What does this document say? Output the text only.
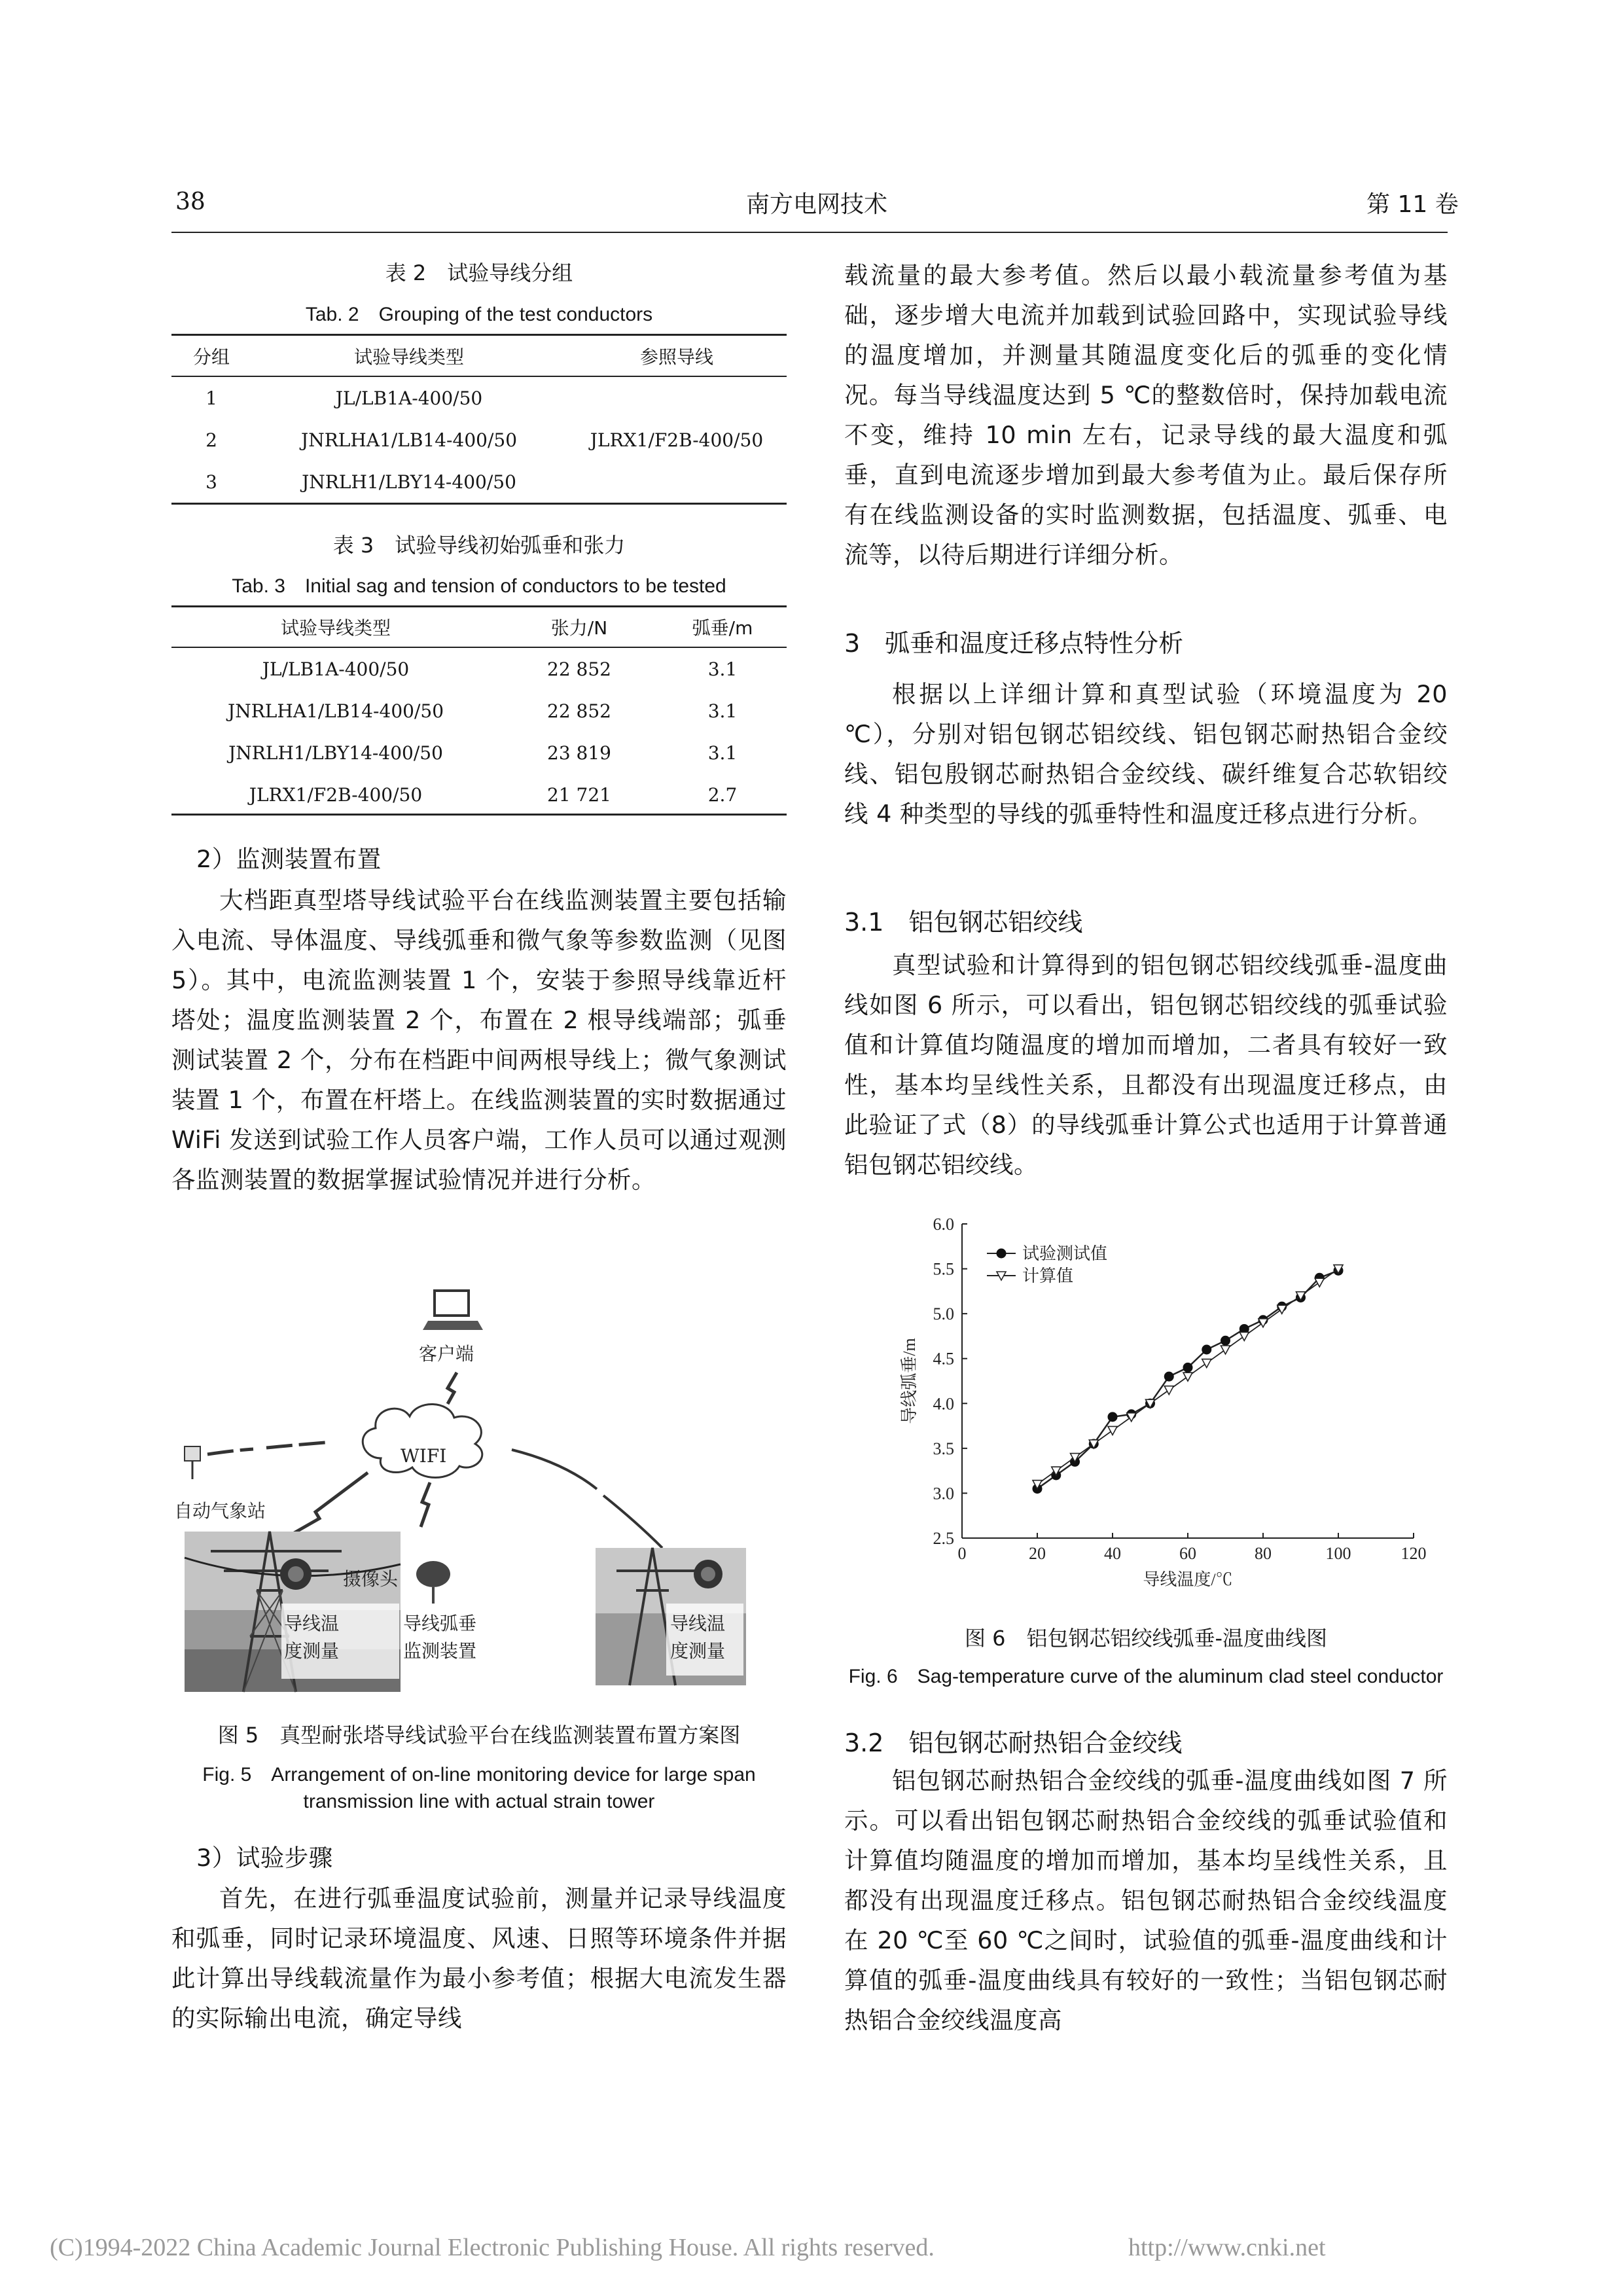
38	南方电网技术	第 11 卷
表 2　试验导线分组
Tab. 2　Grouping of the test conductors
分组	试验导线类型	参照导线

1	JL/LB1A-400/50	
2	JNRLHA1/LB14-400/50	JLRX1/F2B-400/50
3	JNRLH1/LBY14-400/50	
表 3　试验导线初始弧垂和张力
Tab. 3　Initial sag and tension of conductors to be tested
试验导线类型	张力/N	弧垂/m

JL/LB1A-400/50	22 852	3.1
JNRLHA1/LB14-400/50	22 852	3.1
JNRLH1/LBY14-400/50	23 819	3.1
JLRX1/F2B-400/50	21 721	2.7
2）监测装置布置
大档距真型塔导线试验平台在线监测装置主要包括输入电流、导体温度、导线弧垂和微气象等参数监测（见图 5）。其中，电流监测装置 1 个，安装于参照导线靠近杆塔处；温度监测装置 2 个，布置在 2 根导线端部；弧垂测试装置 2 个，分布在档距中间两根导线上；微气象测试装置 1 个，布置在杆塔上。在线监测装置的实时数据通过 WiFi 发送到试验工作人员客户端，工作人员可以通过观测各监测装置的数据掌握试验情况并进行分析。
客户端
WIFI
自动气象站
导线温
度测量
摄像头
导线弧垂
监测装置
导线温
度测量
图 5　真型耐张塔导线试验平台在线监测装置布置方案图
Fig. 5　Arrangement of on-line monitoring device for large span
transmission line with actual strain tower
3）试验步骤
首先，在进行弧垂温度试验前，测量并记录导线温度和弧垂，同时记录环境温度、风速、日照等环境条件并据此计算出导线载流量作为最小参考值；根据大电流发生器的实际输出电流，确定导线
载流量的最大参考值。然后以最小载流量参考值为基础，逐步增大电流并加载到试验回路中，实现试验导线的温度增加，并测量其随温度变化后的弧垂的变化情况。每当导线温度达到 5 ℃的整数倍时，保持加载电流不变，维持 10 min 左右，记录导线的最大温度和弧垂，直到电流逐步增加到最大参考值为止。最后保存所有在线监测设备的实时监测数据，包括温度、弧垂、电流等，以待后期进行详细分析。
3　弧垂和温度迁移点特性分析
根据以上详细计算和真型试验（环境温度为 20 ℃），分别对铝包钢芯铝绞线、铝包钢芯耐热铝合金绞线、铝包殷钢芯耐热铝合金绞线、碳纤维复合芯软铝绞线 4 种类型的导线的弧垂特性和温度迁移点进行分析。
3.1　铝包钢芯铝绞线
真型试验和计算得到的铝包钢芯铝绞线弧垂-温度曲线如图 6 所示，可以看出，铝包钢芯铝绞线的弧垂试验值和计算值均随温度的增加而增加，二者具有较好一致性，基本均呈线性关系，且都没有出现温度迁移点，由此验证了式（8）的导线弧垂计算公式也适用于计算普通铝包钢芯铝绞线。
0	20	40	60	80	100	120
2.5
3.0
3.5
4.0
4.5
5.0
5.5
6.0
试验测试值
计算值
导线温度/℃
导线弧垂/m
图 6　铝包钢芯铝绞线弧垂-温度曲线图
Fig. 6　Sag-temperature curve of the aluminum clad steel conductor
3.2　铝包钢芯耐热铝合金绞线
铝包钢芯耐热铝合金绞线的弧垂-温度曲线如图 7 所示。可以看出铝包钢芯耐热铝合金绞线的弧垂试验值和计算值均随温度的增加而增加，基本均呈线性关系，且都没有出现温度迁移点。铝包钢芯耐热铝合金绞线温度在 20 ℃至 60 ℃之间时，试验值的弧垂-温度曲线和计算值的弧垂-温度曲线具有较好的一致性；当铝包钢芯耐热铝合金绞线温度高
(C)1994-2022 China Academic Journal Electronic Publishing House. All rights reserved.	http://www.cnki.net
